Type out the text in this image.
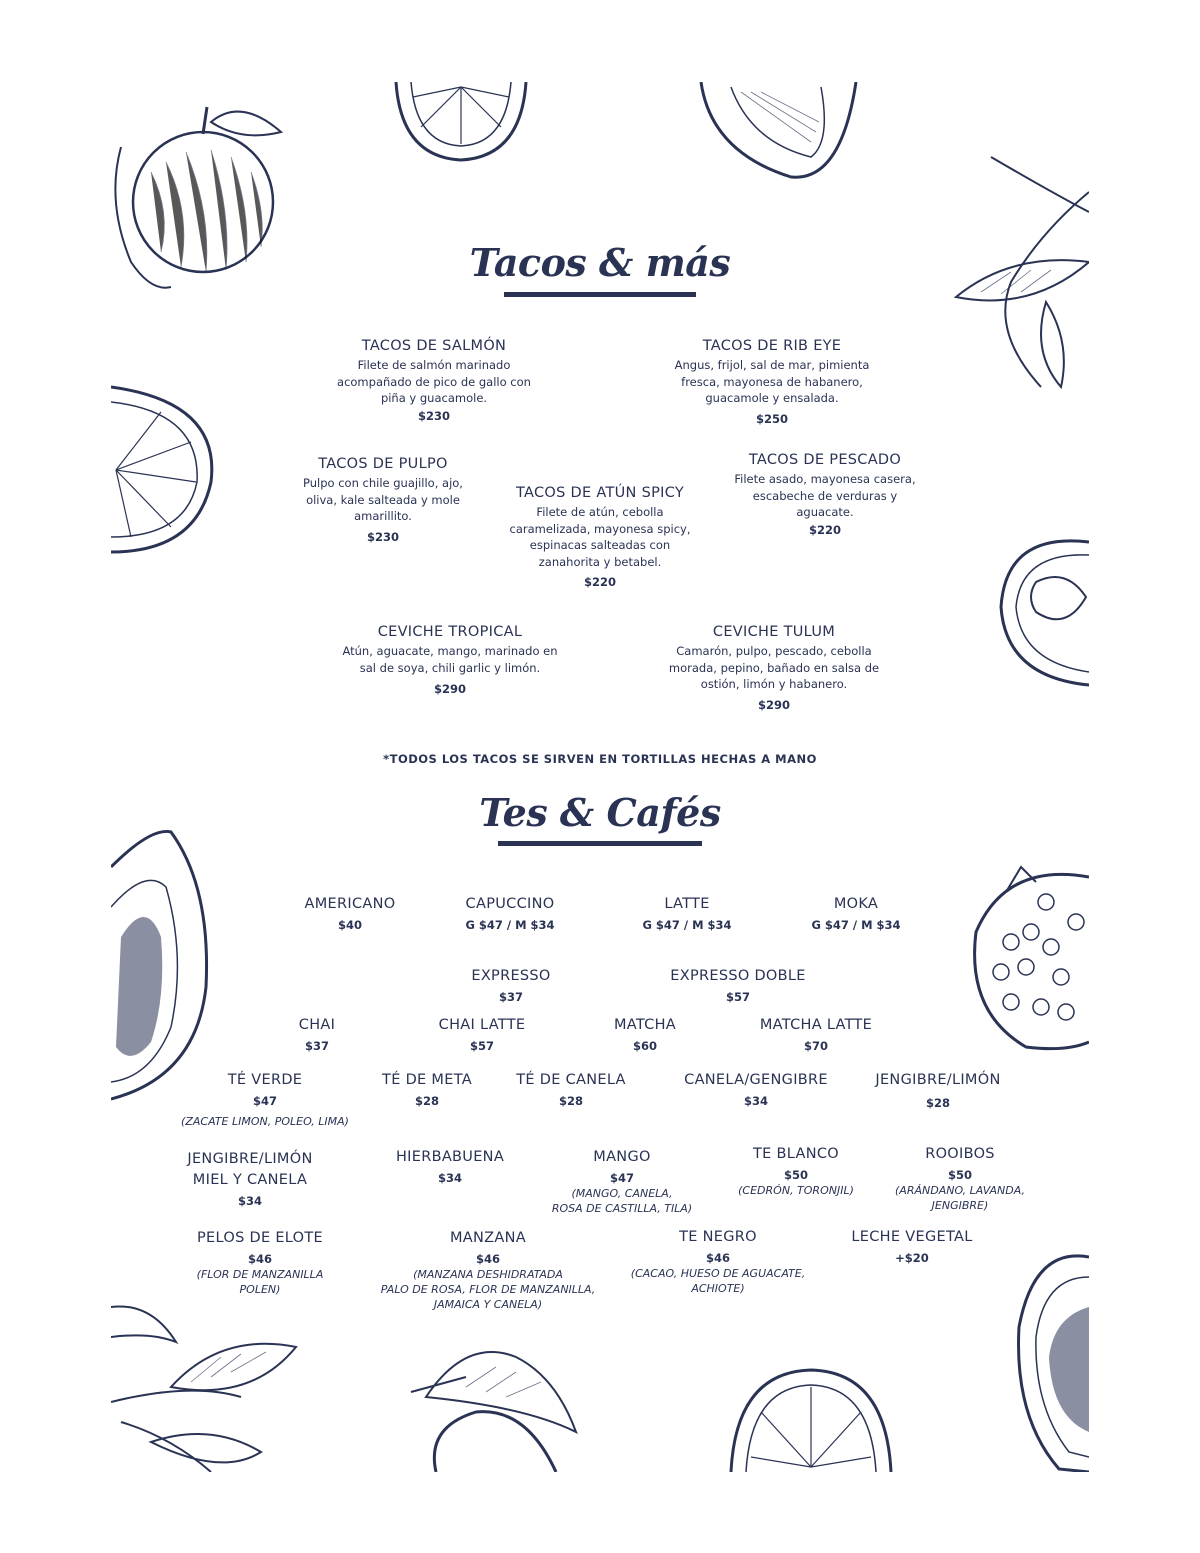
Tacos & más
TACOS DE SALMÓN
Filete de salmón marinado
acompañado de pico de gallo con
piña y guacamole.
$230
TACOS DE RIB EYE
Angus, frijol, sal de mar, pimienta
fresca, mayonesa de habanero,
guacamole y ensalada.
$250
TACOS DE PULPO
Pulpo con chile guajillo, ajo,
oliva, kale salteada y mole
amarillito.
$230
TACOS DE ATÚN SPICY
Filete de atún, cebolla
caramelizada, mayonesa spicy,
espinacas salteadas con
zanahorita y betabel.
$220
TACOS DE PESCADO
Filete asado, mayonesa casera,
escabeche de verduras y
aguacate.
$220
CEVICHE TROPICAL
Atún, aguacate, mango, marinado en
sal de soya, chili garlic y limón.
$290
CEVICHE TULUM
Camarón, pulpo, pescado, cebolla
morada, pepino, bañado en salsa de
ostión, limón y habanero.
$290
*TODOS LOS TACOS SE SIRVEN EN TORTILLAS HECHAS A MANO
Tes & Cafés
AMERICANO
$40
CAPUCCINO
G $47 / M $34
LATTE
G $47 / M $34
MOKA
G $47 / M $34
EXPRESSO
$37
EXPRESSO DOBLE
$57
CHAI
$37
CHAI LATTE
$57
MATCHA
$60
MATCHA LATTE
$70
TÉ VERDE
$47
(ZACATE LIMON, POLEO, LIMA)
TÉ DE META
$28
TÉ DE CANELA
$28
CANELA/GENGIBRE
$34
JENGIBRE/LIMÓN
$28
JENGIBRE/LIMÓN
MIEL Y CANELA
$34
HIERBABUENA
$34
MANGO
$47
(MANGO, CANELA,
ROSA DE CASTILLA, TILA)
TE BLANCO
$50
(CEDRÓN, TORONJIL)
ROOIBOS
$50
(ARÁNDANO, LAVANDA,
JENGIBRE)
PELOS DE ELOTE
$46
(FLOR DE MANZANILLA
POLEN)
MANZANA
$46
(MANZANA DESHIDRATADA
PALO DE ROSA, FLOR DE MANZANILLA,
JAMAICA Y CANELA)
TE NEGRO
$46
(CACAO, HUESO DE AGUACATE,
ACHIOTE)
LECHE VEGETAL
+$20
